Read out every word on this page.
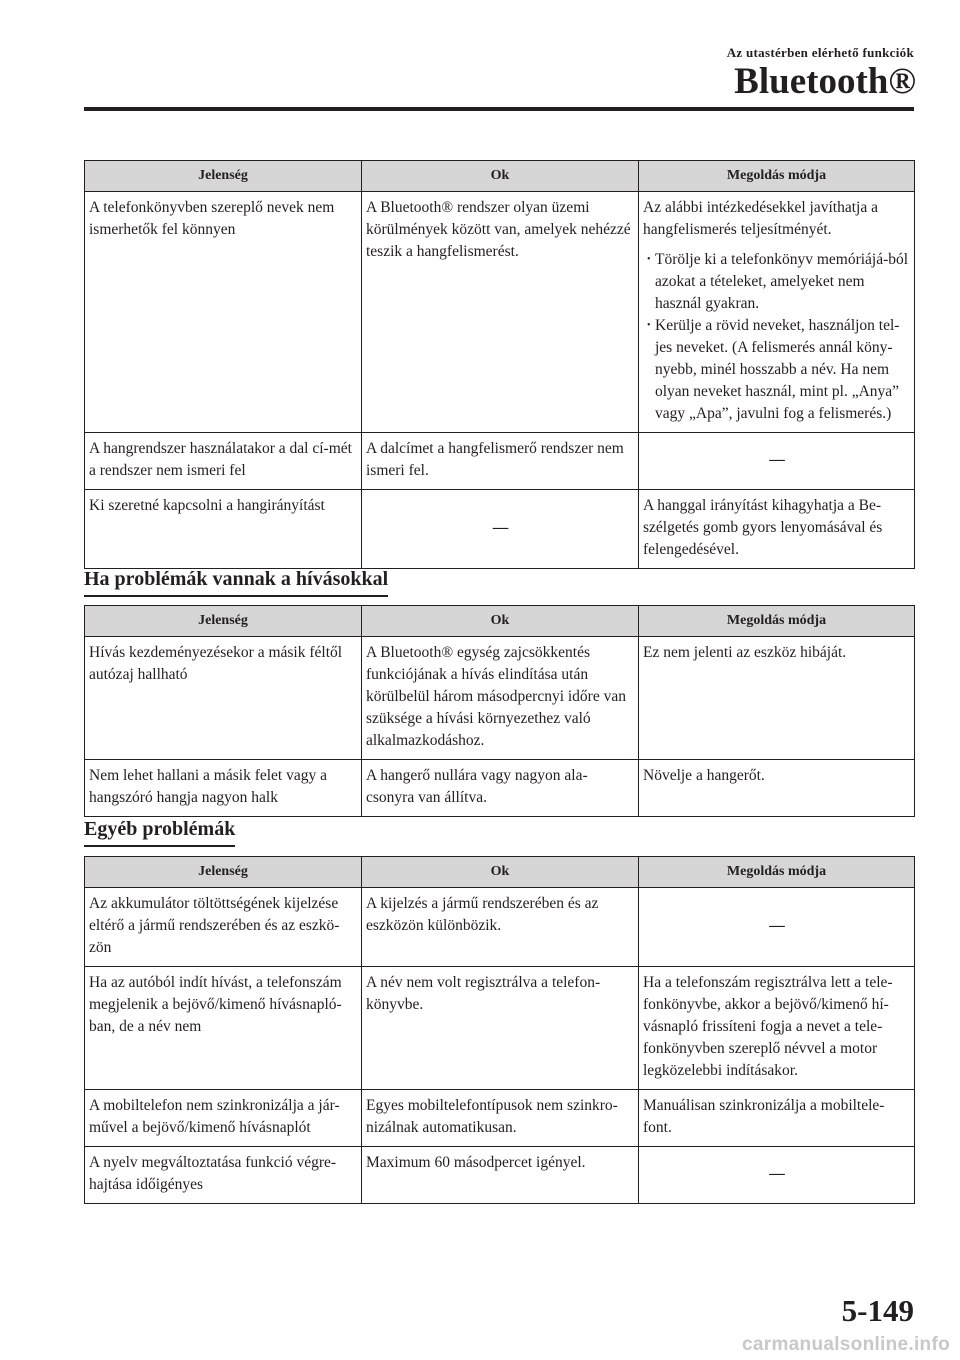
Az utastérben elérhető funkciók
Bluetooth®
Jelenség	Ok	Megoldás módja
A telefonkönyvben szereplő nevek nem ismerhetők fel könnyen	A Bluetooth® rendszer olyan üzemi körülmények között van, amelyek nehézzé teszik a hangfelismerést.	Az alábbi intézkedésekkel javíthatja a hangfelismerés teljesítményét.
• Törölje ki a telefonkönyv memóriájá-ból azokat a tételeket, amelyeket nem használ gyakran.
• Kerülje a rövid neveket, használjon tel-jes neveket. (A felismerés annál köny-nyebb, minél hosszabb a név. Ha nem olyan neveket használ, mint pl. „Anya” vagy „Apa”, javulni fog a felismerés.)

A hangrendszer használatakor a dal cí-mét a rendszer nem ismeri fel	A dalcímet a hangfelismerő rendszer nem ismeri fel.	—
Ki szeretné kapcsolni a hangirányítást	—	A hanggal irányítást kihagyhatja a Be-szélgetés gomb gyors lenyomásával és felengedésével.
Ha problémák vannak a hívásokkal
Jelenség	Ok	Megoldás módja
Hívás kezdeményezésekor a másik féltől autózaj hallható	A Bluetooth® egység zajcsökkentés funkciójának a hívás elindítása után körülbelül három másodpercnyi időre van szüksége a hívási környezethez való alkalmazkodáshoz.	Ez nem jelenti az eszköz hibáját.
Nem lehet hallani a másik felet vagy a hangszóró hangja nagyon halk	A hangerő nullára vagy nagyon ala-csonyra van állítva.	Növelje a hangerőt.
Egyéb problémák
Jelenség	Ok	Megoldás módja
Az akkumulátor töltöttségének kijelzése eltérő a jármű rendszerében és az eszkö-zön	A kijelzés a jármű rendszerében és az eszközön különbözik.	—
Ha az autóból indít hívást, a telefonszám megjelenik a bejövő/kimenő hívásnapló-ban, de a név nem	A név nem volt regisztrálva a telefon-könyvbe.	Ha a telefonszám regisztrálva lett a tele-fonkönyvbe, akkor a bejövő/kimenő hí-vásnapló frissíteni fogja a nevet a tele-fonkönyvben szereplő névvel a motor legközelebbi indításakor.
A mobiltelefon nem szinkronizálja a jár-művel a bejövő/kimenő hívásnaplót	Egyes mobiltelefontípusok nem szinkro-nizálnak automatikusan.	Manuálisan szinkronizálja a mobiltele-font.
A nyelv megváltoztatása funkció végre-hajtása időigényes	Maximum 60 másodpercet igényel.	—
5-149
carmanualsonline.info
